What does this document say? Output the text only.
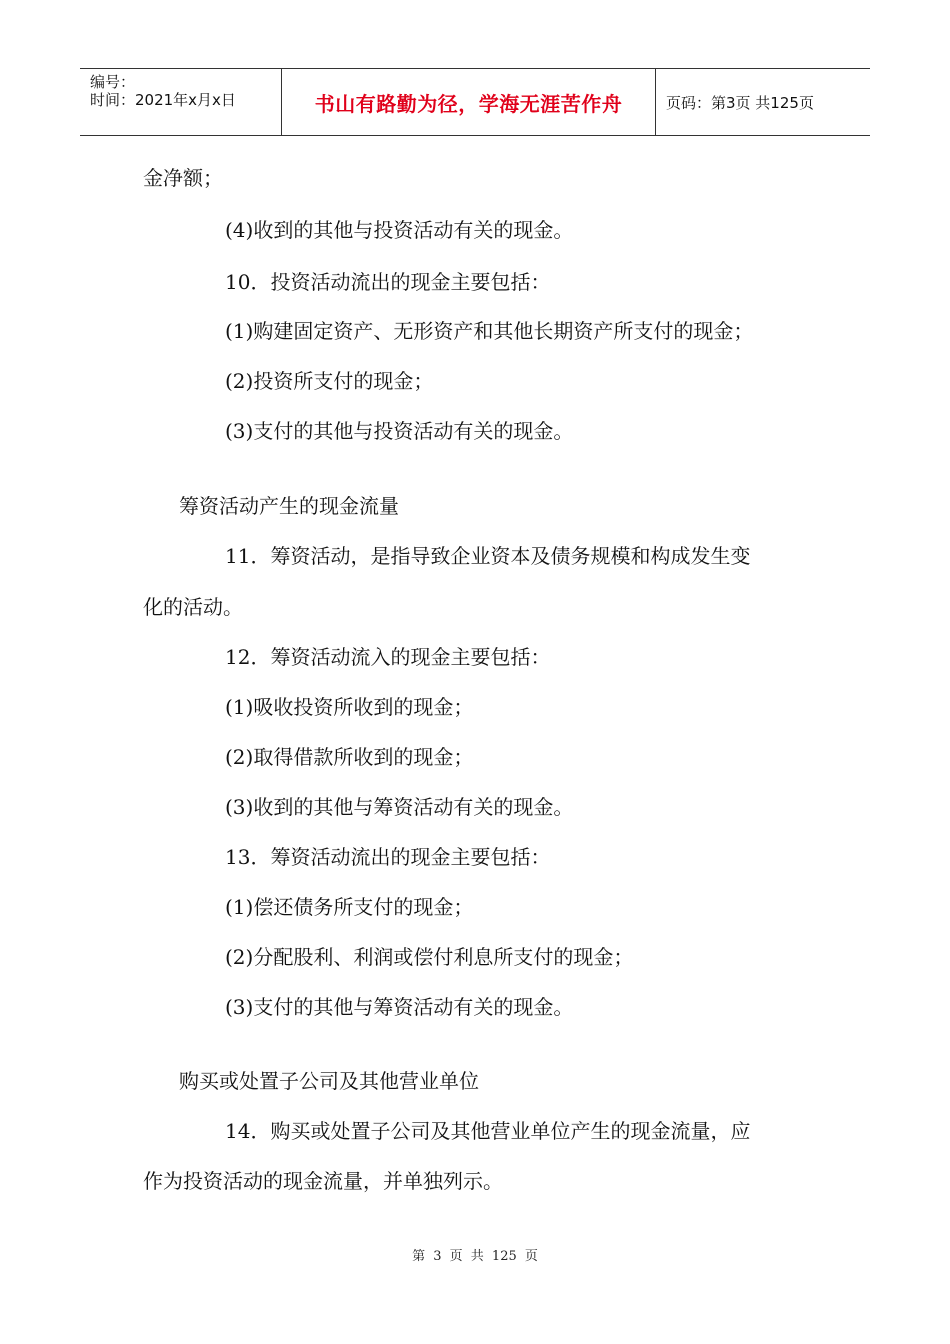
编号：
时间：2021年x月x日	书山有路勤为径，学海无涯苦作舟	页码：第3页 共125页
金净额；
(4)收到的其他与投资活动有关的现金。
10．投资活动流出的现金主要包括：
(1)购建固定资产、无形资产和其他长期资产所支付的现金；
(2)投资所支付的现金；
(3)支付的其他与投资活动有关的现金。
筹资活动产生的现金流量
11．筹资活动，是指导致企业资本及债务规模和构成发生变
化的活动。
12．筹资活动流入的现金主要包括：
(1)吸收投资所收到的现金；
(2)取得借款所收到的现金；
(3)收到的其他与筹资活动有关的现金。
13．筹资活动流出的现金主要包括：
(1)偿还债务所支付的现金；
(2)分配股利、利润或偿付利息所支付的现金；
(3)支付的其他与筹资活动有关的现金。
购买或处置子公司及其他营业单位
14．购买或处置子公司及其他营业单位产生的现金流量，应
作为投资活动的现金流量，并单独列示。
第 3 页 共 125 页
